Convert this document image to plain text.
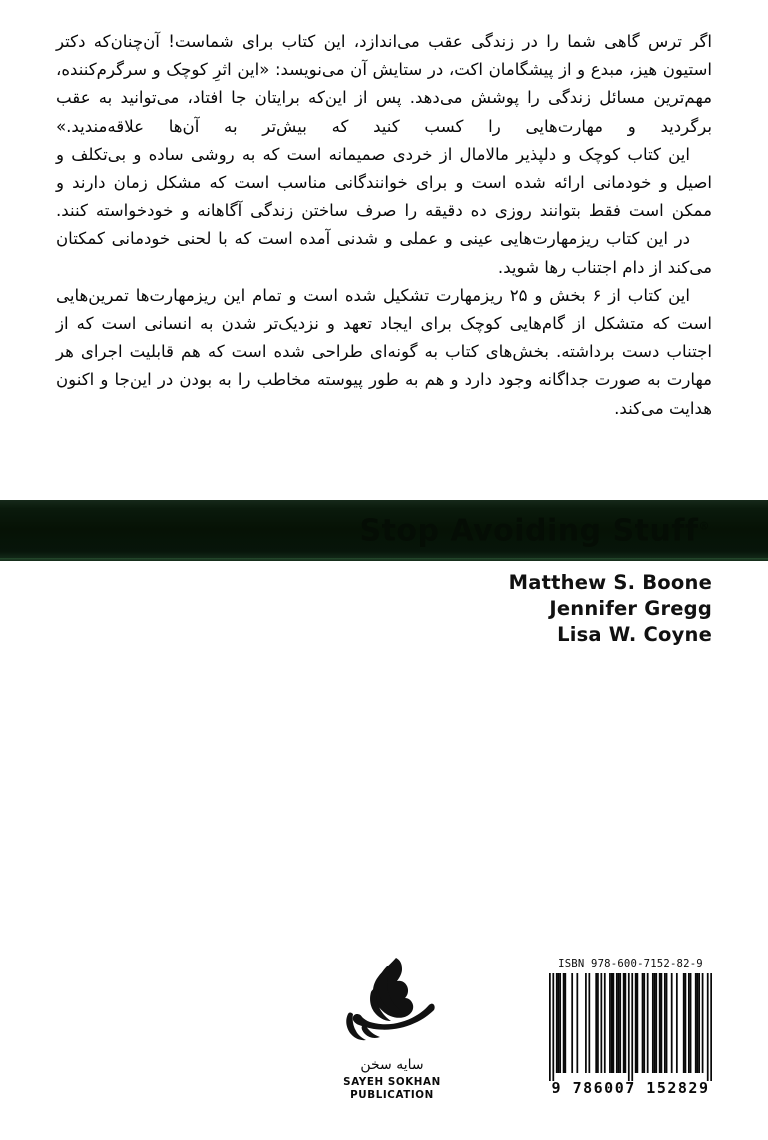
اگر ترس گاهی شما را در زندگی عقب می‌اندازد، این کتاب برای شماست! آن‌چنان‌که دکتر استیون هیز، مبدع و از پیشگامان اکت، در ستایش آن می‌نویسد: «این اثرِ کوچک و سرگرم‌کننده، مهم‌ترین مسائل زندگی را پوشش می‌دهد. پس از این‌که برایتان جا افتاد، می‌توانید به عقب برگردید و مهارت‌هایی را کسب کنید که بیش‌تر به آن‌ها علاقه‌مندید.»

این کتاب کوچک و دلپذیر مالامال از خردی صمیمانه است که به روشی ساده و بی‌تکلف و اصیل و خودمانی ارائه شده است و برای خوانندگانی مناسب است که مشکل زمان دارند و ممکن است فقط بتوانند روزی ده دقیقه را صرف ساختن زندگی آگاهانه و خودخواسته کنند.

در این کتاب ریزمهارت‌هایی عینی و عملی و شدنی آمده است که با لحنی خودمانی کمکتان می‌کند از دام اجتناب رها شوید.

این کتاب از ۶ بخش و ۲۵ ریزمهارت تشکیل شده است و تمام این ریزمهارت‌ها تمرین‌هایی است که متشکل از گام‌هایی کوچک برای ایجاد تعهد و نزدیک‌تر شدن به انسانی است که از اجتناب دست برداشته. بخش‌های کتاب به گونه‌ای طراحی شده است که هم قابلیت اجرای هر مهارت به صورت جداگانه وجود دارد و هم به طور پیوسته مخاطب را به بودن در این‌جا و اکنون هدایت می‌کند.

Stop Avoiding Stuff®
Matthew S. Boone
Jennifer Gregg
Lisa W. Coyne
سایه سخن
SAYEH SOKHAN
PUBLICATION
ISBN 978-600-7152-82-9
9 786007 152829
